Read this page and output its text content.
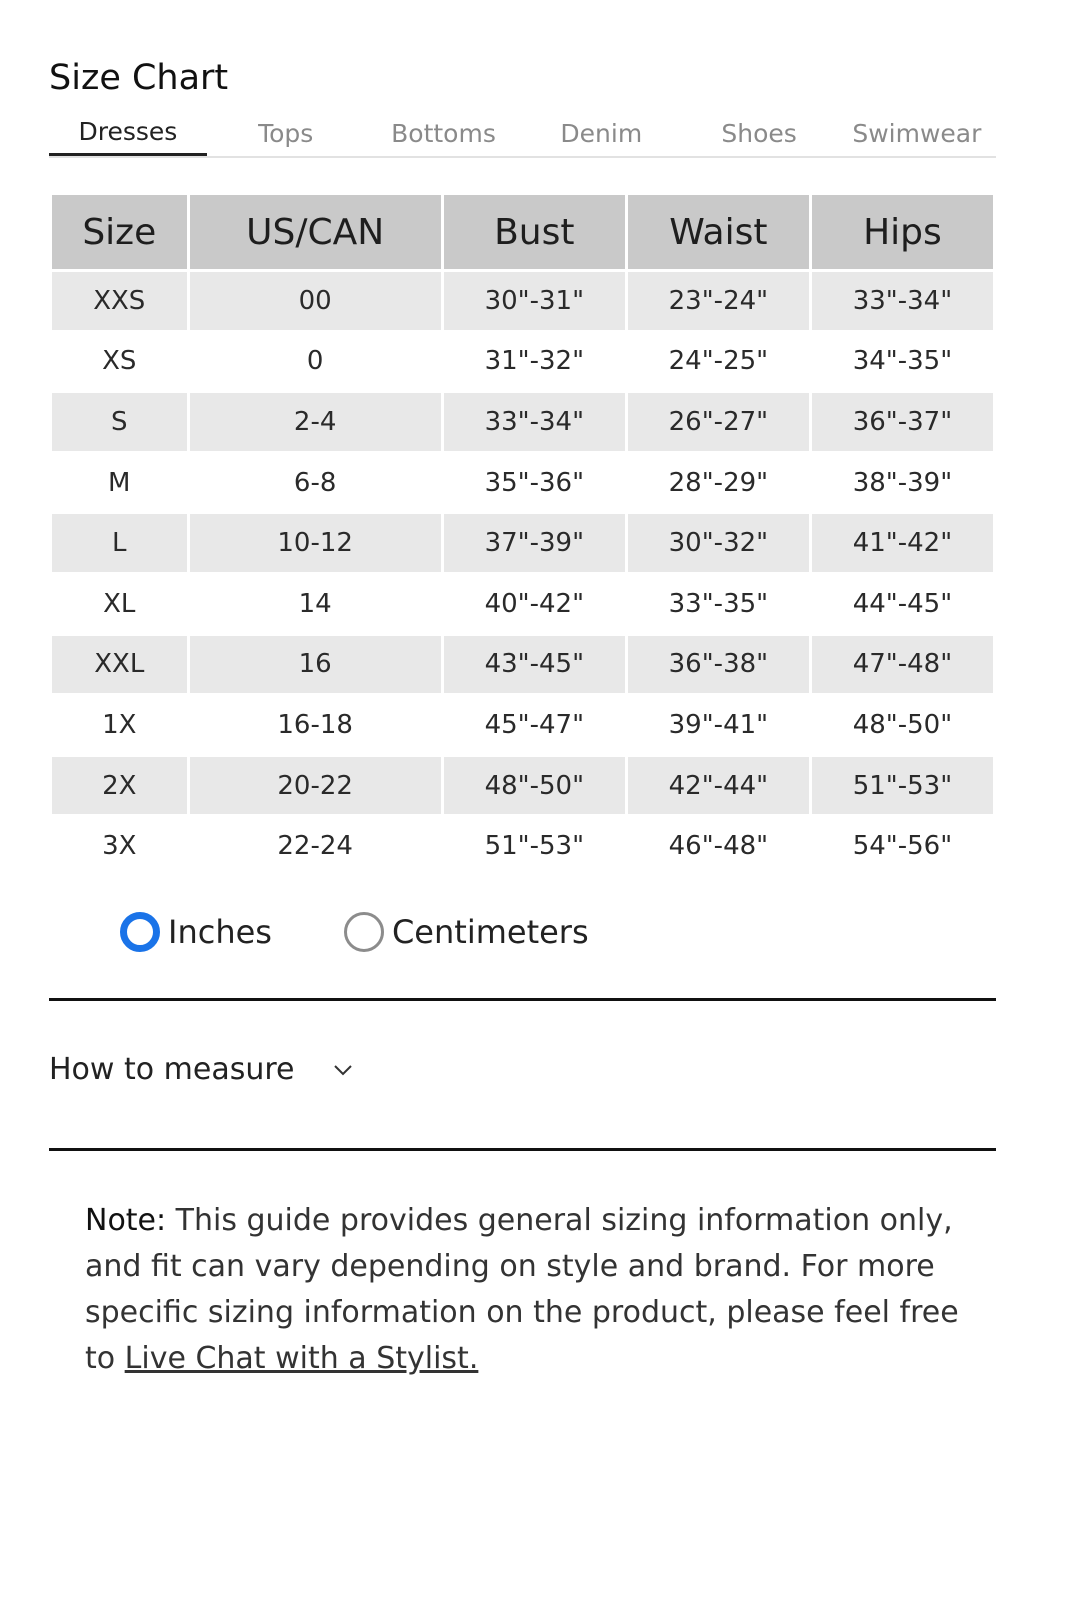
Size Chart
Dresses	Tops	Bottoms	Denim	Shoes	Swimwear
Size	US/CAN	Bust	Waist	Hips
XXS	00	30"-31"	23"-24"	33"-34"
XS	0	31"-32"	24"-25"	34"-35"
S	2-4	33"-34"	26"-27"	36"-37"
M	6-8	35"-36"	28"-29"	38"-39"
L	10-12	37"-39"	30"-32"	41"-42"
XL	14	40"-42"	33"-35"	44"-45"
XXL	16	43"-45"	36"-38"	47"-48"
1X	16-18	45"-47"	39"-41"	48"-50"
2X	20-22	48"-50"	42"-44"	51"-53"
3X	22-24	51"-53"	46"-48"	54"-56"
Inches	Centimeters
How to measure

Note: This guide provides general sizing information only, and fit can vary depending on style and brand. For more specific sizing information on the product, please feel free to Live Chat with a Stylist.
